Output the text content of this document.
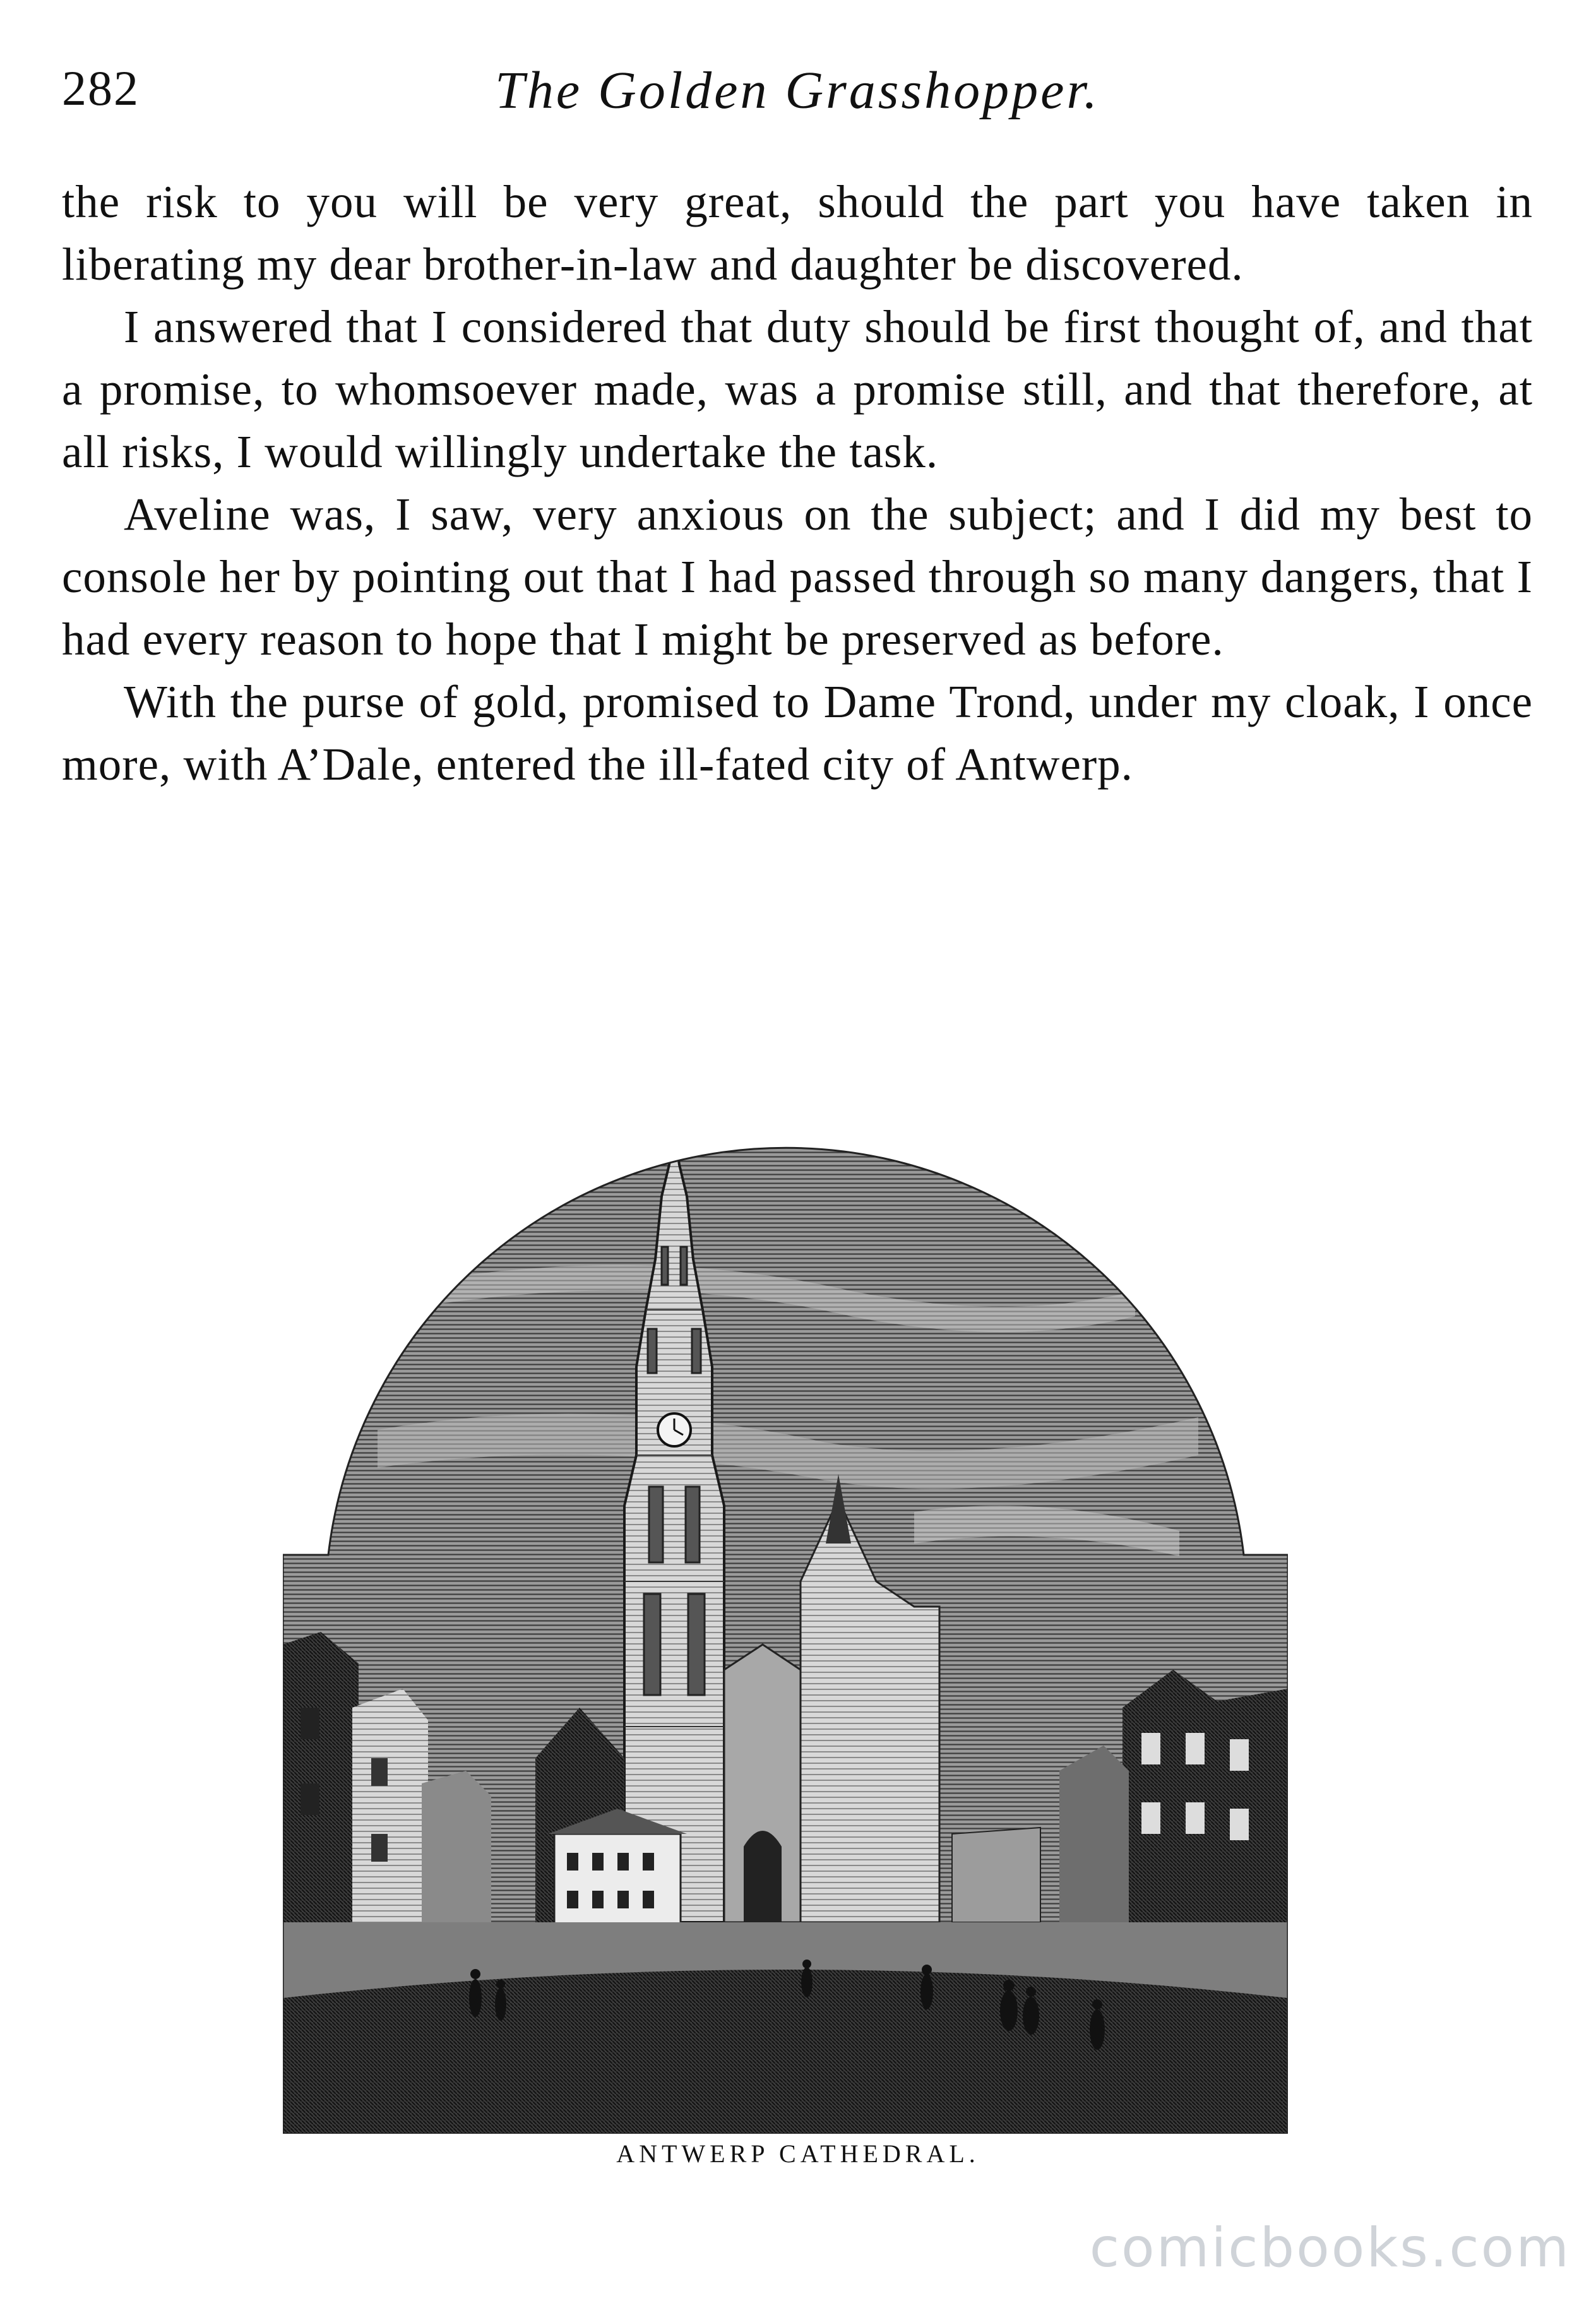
282	The Golden Grasshopper.

the risk to you will be very great, should the part you have taken in liberating my dear brother-in-law and daughter be discovered.

I answered that I considered that duty should be first thought of, and that a promise, to whomsoever made, was a promise still, and that therefore, at all risks, I would willingly undertake the task.

Aveline was, I saw, very anxious on the subject; and I did my best to console her by pointing out that I had passed through so many dangers, that I had every reason to hope that I might be preserved as before.

With the purse of gold, promised to Dame Trond, under my cloak, I once more, with A’Dale, entered the ill-fated city of Antwerp.

ANTWERP CATHEDRAL.
comicbooks.com
